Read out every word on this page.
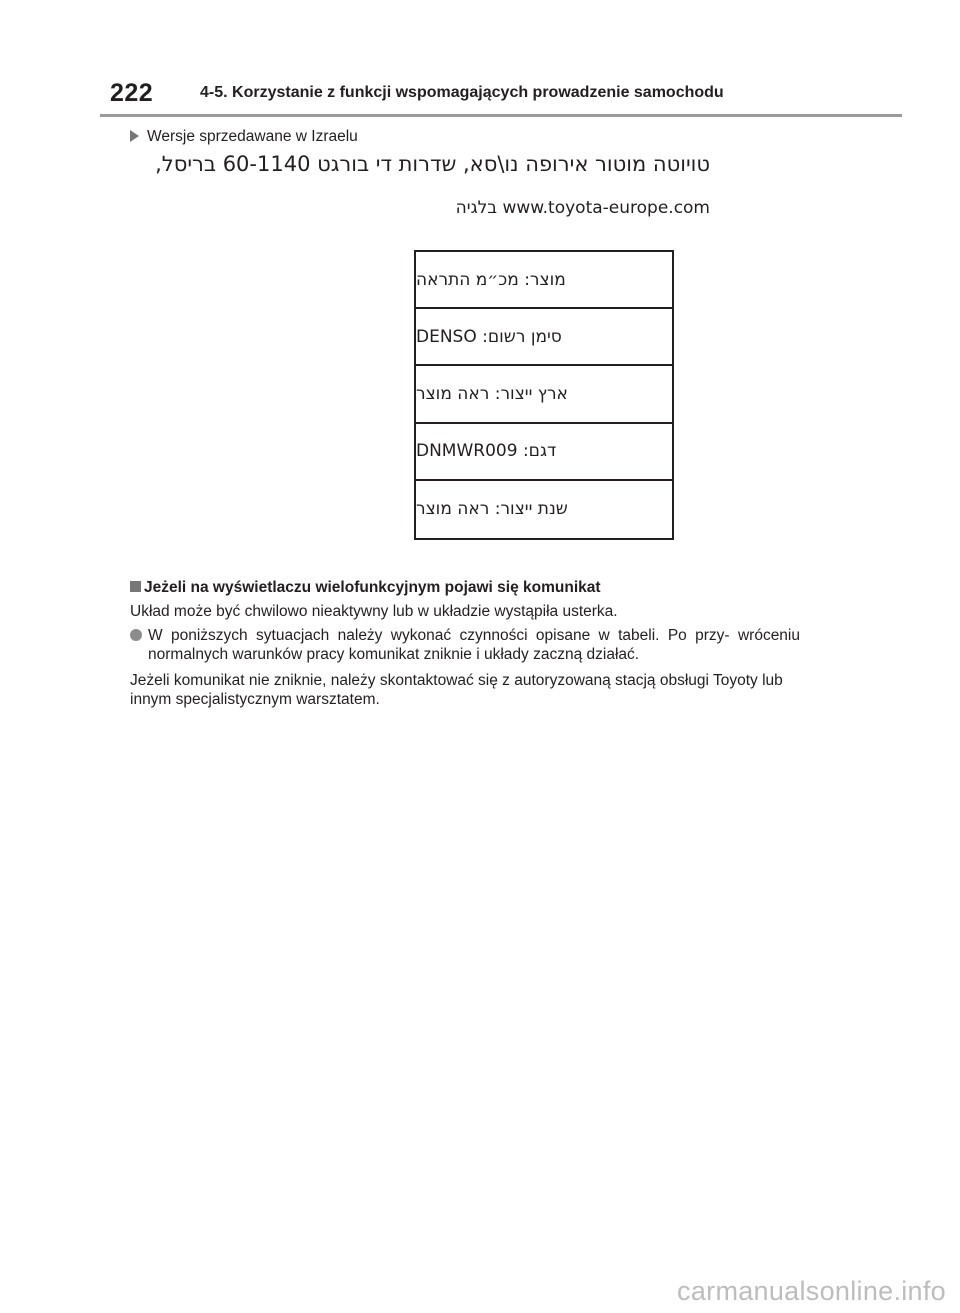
222	4-5. Korzystanie z funkcji wspomagających prowadzenie samochodu
Wersje sprzedawane w Izraelu
טויוטה מוטור אירופה נו\סא, שדרות די בורגט 60-1140 בריסל,
www.toyota-europe.com בלגיה
מוצר: מכ״מ התראה
סימן רשום: DENSO
ארץ ייצור: ראה מוצר
דגם: DNMWR009
שנת ייצור: ראה מוצר

Jeżeli na wyświetlaczu wielofunkcyjnym pojawi się komunikat

Układ może być chwilowo nieaktywny lub w układzie wystąpiła usterka.

W poniższych sytuacjach należy wykonać czynności opisane w tabeli. Po przy- wróceniu normalnych warunków pracy komunikat zniknie i układy zaczną działać.

Jeżeli komunikat nie zniknie, należy skontaktować się z autoryzowaną stacją obsługi Toyoty lub innym specjalistycznym warsztatem.

carmanualsonline.info
